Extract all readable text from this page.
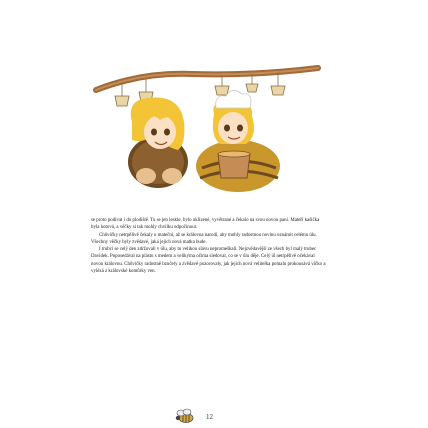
se proto podívat i do plodiště. To se jen leskle, bylo uklizené, vyvětrané a čekalo na svou novou paní. Mateří kašička byla hotová, a věčky si tak mohly chvilku odpočinout.

Chůvičky netrpělivě čekaly u mateční, až se královna narodí, aby mohly radostnou novinu oznámit celému úlu. Všechny věčky byly zvědavé, jaká jejich nová matka bude.

I trubci se celý den zdržovali v úlu, aby tu velikou slávu nepromeškali. Nejzvědavější ze všech byl malý trubec Davídek. Poposedával na plástu s medem a velikýma očima sledoval, co se v úlu děje. Celý úl netrpělivě očekával novou královnu. Chůvičky radostně bzučely a zvědavě pozorovaly, jak jejich nová velitelka pomalu prokousává víčko a vylézá z královské komůrky ven.

12
